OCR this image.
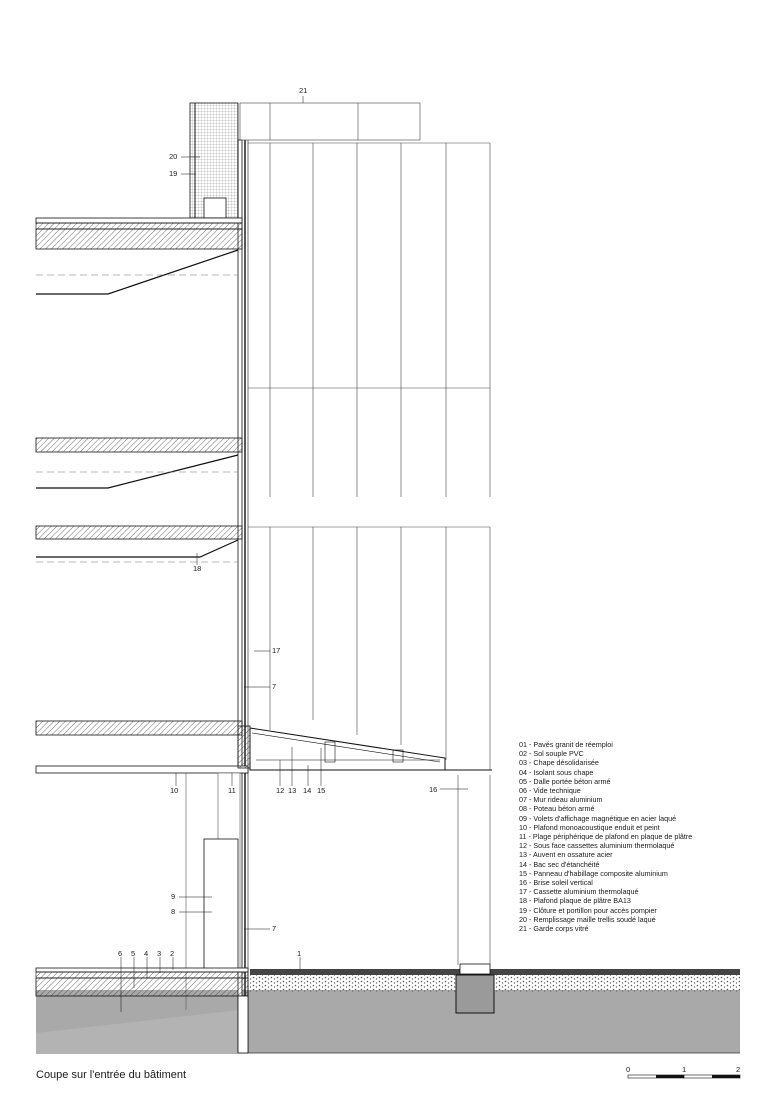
21
20
19
18
17
7
10	11	12 13 14 15	16
9
8
7
6 5 4 3 2	1
01 - Pavés granit de réemploi
02 - Sol souple PVC
03 - Chape désolidarisée
04 - Isolant sous chape
05 - Dalle portée béton armé
06 - Vide technique
07 - Mur rideau aluminium
08 - Poteau béton armé
09 - Volets d'affichage magnétique en acier laqué
10 - Plafond monoacoustique enduit et peint
11 - Plage périphérique de plafond en plaque de plâtre
12 - Sous face cassettes aluminium thermolaqué
13 - Auvent en ossature acier
14 - Bac sec d'étanchéité
15 - Panneau d'habillage composite aluminium
16 - Brise soleil vertical
17 - Cassette aluminium thermolaqué
18 - Plafond plaque de plâtre BA13
19 - Clôture et portillon pour accès pompier
20 - Remplissage maille trellis soudé laqué
21 - Garde corps vitré
Coupe sur l'entrée du bâtiment	0	1	2
